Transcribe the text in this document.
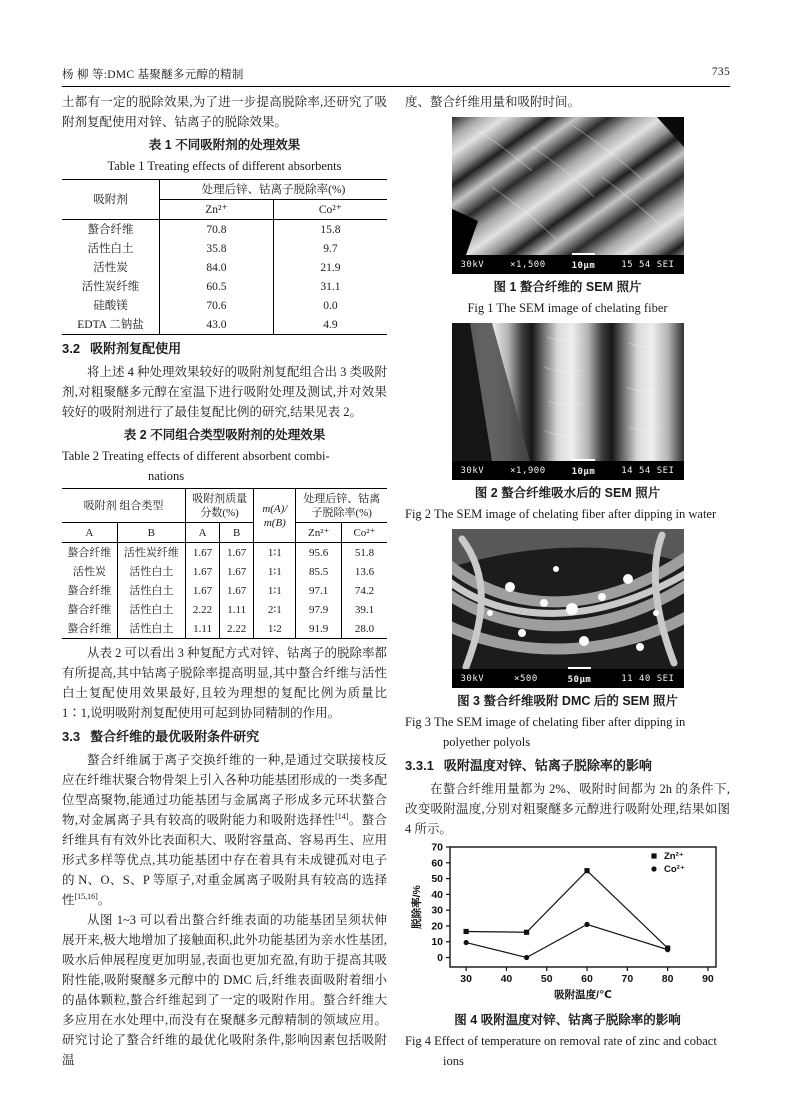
杨 柳 等:DMC 基聚醚多元醇的精制	735

土都有一定的脱除效果,为了进一步提高脱除率,还研究了吸附剂复配使用对锌、钴离子的脱除效果。

表 1 不同吸附剂的处理效果
Table 1 Treating effects of different absorbents
吸附剂	处理后锌、钴离子脱除率(%)	
	Zn²⁺	Co²⁺
螯合纤维	70.8	15.8
活性白土	35.8	9.7
活性炭	84.0	21.9
活性炭纤维	60.5	31.1
硅酸镁	70.6	0.0
EDTA 二钠盐	43.0	4.9
3.2 吸附剂复配使用

将上述 4 种处理效果较好的吸附剂复配组合出 3 类吸附剂,对粗聚醚多元醇在室温下进行吸附处理及测试,并对效果较好的吸附剂进行了最佳复配比例的研究,结果见表 2。

表 2 不同组合类型吸附剂的处理效果
Table 2 Treating effects of different absorbent combi-
nations
吸附剂 组合类型		吸附剂质量 分数(%)		m(A)/ m(B)	处理后锌、钴离 子脱除率(%)	
A	B	A	B		Zn²⁺	Co²⁺
螯合纤维	活性炭纤维	1.67	1.67	1∶1	95.6	51.8
活性炭	活性白土	1.67	1.67	1∶1	85.5	13.6
螯合纤维	活性白土	1.67	1.67	1∶1	97.1	74.2
螯合纤维	活性白土	2.22	1.11	2∶1	97.9	39.1
螯合纤维	活性白土	1.11	2.22	1∶2	91.9	28.0

从表 2 可以看出 3 种复配方式对锌、钴离子的脱除率都有所提高,其中钴离子脱除率提高明显,其中螯合纤维与活性白土复配使用效果最好,且较为理想的复配比例为质量比 1∶1,说明吸附剂复配使用可起到协同精制的作用。

3.3 螯合纤维的最优吸附条件研究

螯合纤维属于离子交换纤维的一种,是通过交联接枝反应在纤维状聚合物骨架上引入各种功能基团形成的一类多配位型高聚物,能通过功能基团与金属离子形成多元环状螯合物,对金属离子具有较高的吸附能力和吸附选择性[14]。螯合纤维具有有效外比表面积大、吸附容量高、容易再生、应用形式多样等优点,其功能基团中存在着具有未成键孤对电子的 N、O、S、P 等原子,对重金属离子吸附具有较高的选择性[15,16]。

从图 1~3 可以看出螯合纤维表面的功能基团呈须状伸展开来,极大地增加了接触面积,此外功能基团为亲水性基团,吸水后伸展程度更加明显,表面也更加充盈,有助于提高其吸附性能,吸附聚醚多元醇中的 DMC 后,纤维表面吸附着细小的晶体颗粒,螯合纤维起到了一定的吸附作用。螯合纤维大多应用在水处理中,而没有在聚醚多元醇精制的领域应用。研究讨论了螯合纤维的最优化吸附条件,影响因素包括吸附温

度、螯合纤维用量和吸附时间。

30kV	×1,500	10μm	15 54 SEI
图 1 螯合纤维的 SEM 照片
Fig 1 The SEM image of chelating fiber
30kV	×1,900	10μm	14 54 SEI
图 2 螯合纤维吸水后的 SEM 照片
Fig 2 The SEM image of chelating fiber after dipping in water
30kV	×500	50μm	11 40 SEI
图 3 螯合纤维吸附 DMC 后的 SEM 照片
Fig 3 The SEM image of chelating fiber after dipping in polyether polyols
3.3.1 吸附温度对锌、钴离子脱除率的影响

在螯合纤维用量都为 2%、吸附时间都为 2h 的条件下,改变吸附温度,分别对粗聚醚多元醇进行吸附处理,结果如图 4 所示。

30	40	50	60	70	80	90
0
10
20
30
40
50
60
70
吸附温度/℃
脱除率/%
Zn²⁺
Co²⁺
图 4 吸附温度对锌、钴离子脱除率的影响
Fig 4 Effect of temperature on removal rate of zinc and cobact ions
